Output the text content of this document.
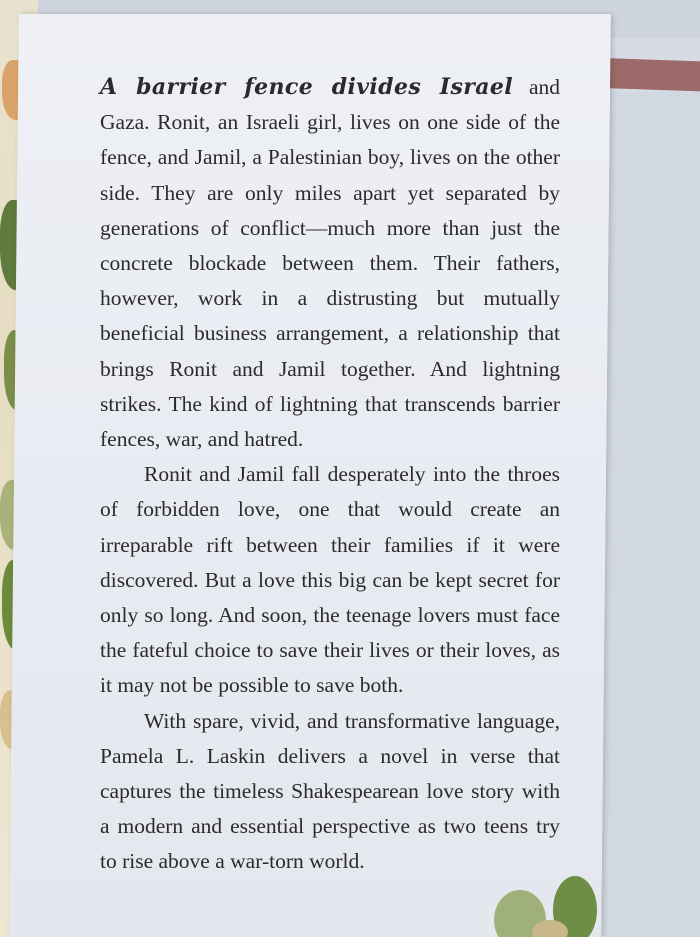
A barrier fence divides Israel and Gaza. Ronit, an Israeli girl, lives on one side of the fence, and Jamil, a Palestinian boy, lives on the other side. They are only miles apart yet separated by generations of conflict—much more than just the concrete blockade between them. Their fathers, however, work in a distrusting but mutually beneficial business arrangement, a relationship that brings Ronit and Jamil together. And lightning strikes. The kind of lightning that transcends barrier fences, war, and hatred.

Ronit and Jamil fall desperately into the throes of forbidden love, one that would create an irreparable rift between their families if it were discovered. But a love this big can be kept secret for only so long. And soon, the teenage lovers must face the fateful choice to save their lives or their loves, as it may not be possible to save both.

With spare, vivid, and transformative language, Pamela L. Laskin delivers a novel in verse that captures the timeless Shakespearean love story with a modern and essential perspective as two teens try to rise above a war-torn world.
